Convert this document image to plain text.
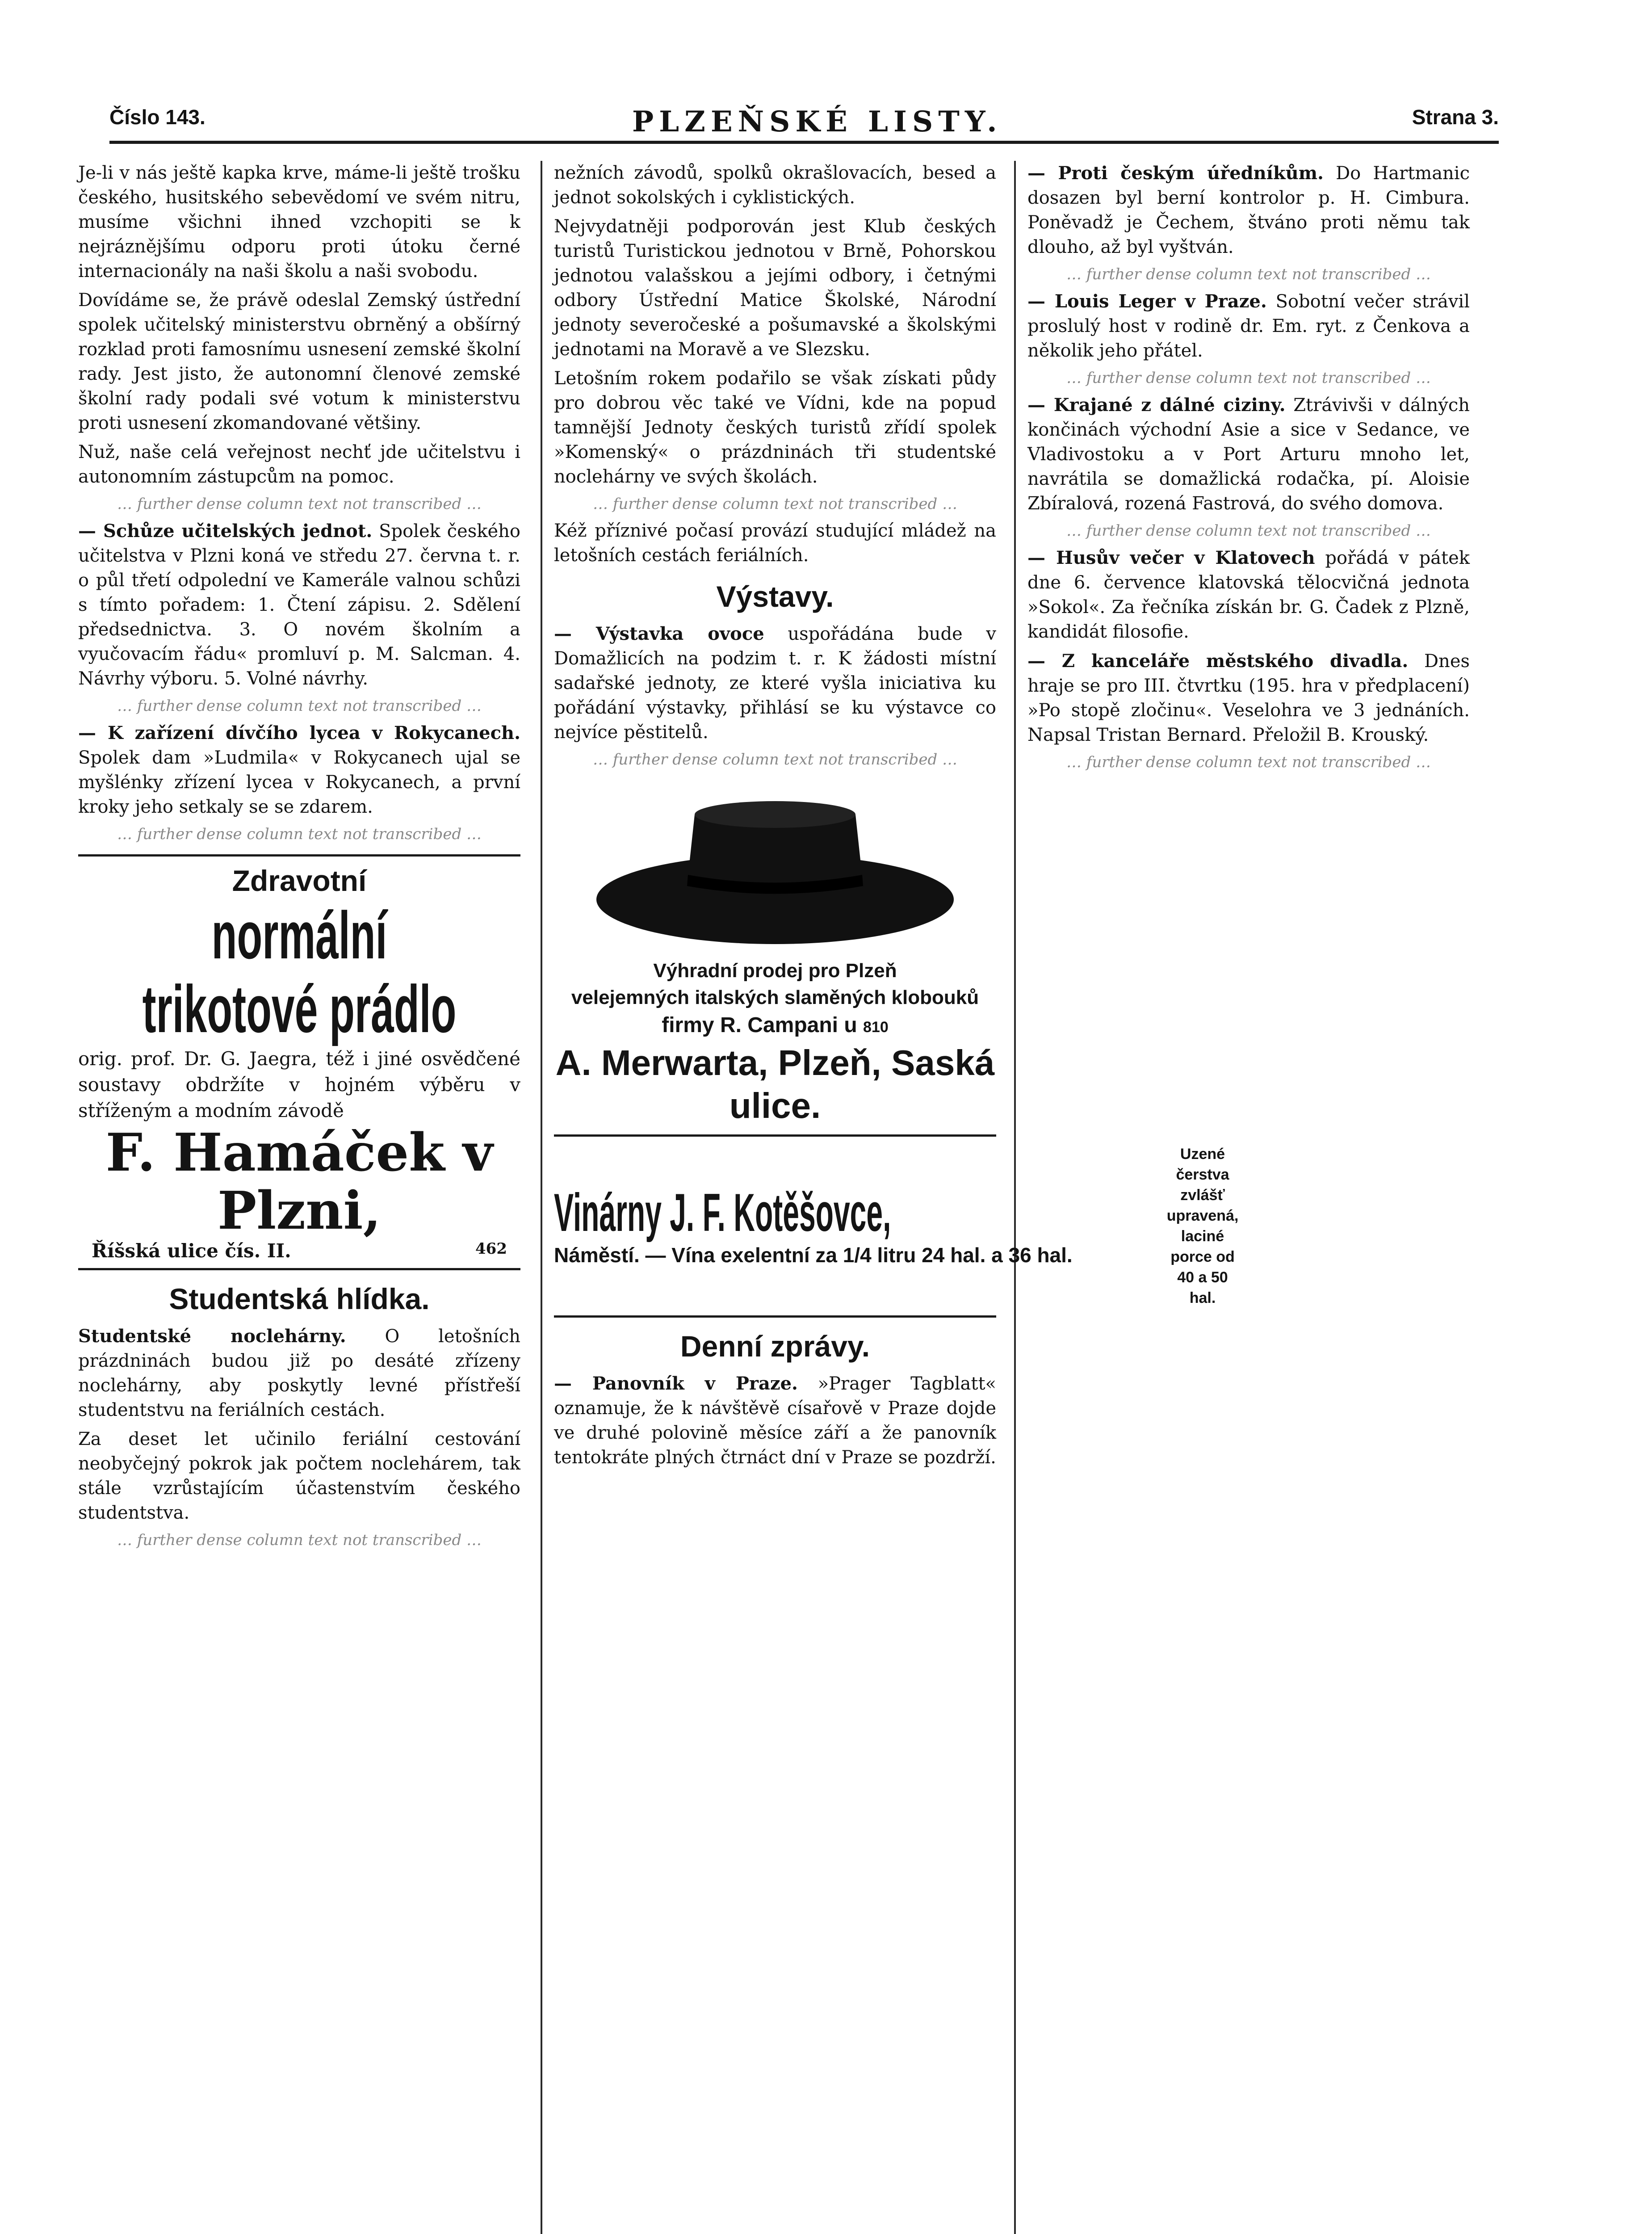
Číslo 143.	PLZEŇSKÉ LISTY.	Strana 3.

Je-li v nás ještě kapka krve, máme-li ještě trošku českého, husitského sebevědomí ve svém nitru, musíme všichni ihned vzchopiti se k nejráznějšímu odporu proti útoku černé internacionály na naši školu a naši svobodu.

Dovídáme se, že právě odeslal Zemský ústřední spolek učitelský ministerstvu obrněný a obšírný rozklad proti famosnímu usnesení zemské školní rady. Jest jisto, že autonomní členové zemské školní rady podali své votum k ministerstvu proti usnesení zkomandované většiny.

Nuž, naše celá veřejnost nechť jde učitelstvu i autonomním zástupcům na pomoc.

… further dense column text not transcribed …

— Schůze učitelských jednot. Spolek českého učitelstva v Plzni koná ve středu 27. června t. r. o půl třetí odpolední ve Kamerále valnou schůzi s tímto pořadem: 1. Čtení zápisu. 2. Sdělení předsednictva. 3. O novém školním a vyučovacím řádu« promluví p. M. Salcman. 4. Návrhy výboru. 5. Volné návrhy.

… further dense column text not transcribed …

— K zařízení dívčího lycea v Rokycanech. Spolek dam »Ludmila« v Rokycanech ujal se myšlénky zřízení lycea v Rokycanech, a první kroky jeho setkaly se se zdarem.

… further dense column text not transcribed …

Zdravotní
normální trikotové prádlo
orig. prof. Dr. G. Jaegra, též i jiné osvědčené soustavy obdržíte v hojném výběru v stříženým a modním závodě
F. Hamáček v Plzni,
Říšská ulice čís. II.	462
Studentská hlídka.

Studentské noclehárny. O letošních prázdninách budou již po desáté zřízeny noclehárny, aby poskytly levné přístřeší studentstvu na feriálních cestách.

Za deset let učinilo feriální cestování neobyčejný pokrok jak počtem noclehárem, tak stále vzrůstajícím účastenstvím českého studentstva.

… further dense column text not transcribed …

nežních závodů, spolků okrašlovacích, besed a jednot sokolských i cyklistických.

Nejvydatněji podporován jest Klub českých turistů Turistickou jednotou v Brně, Pohorskou jednotou valašskou a jejími odbory, i četnými odbory Ústřední Matice Školské, Národní jednoty severočeské a pošumavské a školskými jednotami na Moravě a ve Slezsku.

Letošním rokem podařilo se však získati půdy pro dobrou věc také ve Vídni, kde na popud tamnější Jednoty českých turistů zřídí spolek »Komenský« o prázdninách tři studentské noclehárny ve svých školách.

… further dense column text not transcribed …

Kéž příznivé počasí provází studující mládež na letošních cestách feriálních.

Výstavy.

— Výstavka ovoce uspořádána bude v Domažlicích na podzim t. r. K žádosti místní sadařské jednoty, ze které vyšla iniciativa ku pořádání výstavky, přihlásí se ku výstavce co nejvíce pěstitelů.

… further dense column text not transcribed …

Výhradní prodej pro Plzeň
velejemných italských slaměných klobouků
firmy R. Campani u 810
A. Merwarta, Plzeň, Saská ulice.
Vinárny J. F. Kotěšovce,
Náměstí. — Vína exelentní za 1/4 litru 24 hal. a 36 hal.
Uzené čerstva zvlášť upravená, laciné porce od 40 a 50 hal.
Denní zprávy.

— Panovník v Praze. »Prager Tagblatt« oznamuje, že k návštěvě císařově v Praze dojde ve druhé polovině měsíce září a že panovník tentokráte plných čtrnáct dní v Praze se pozdrží.

— Proti českým úředníkům. Do Hartmanic dosazen byl berní kontrolor p. H. Cimbura. Poněvadž je Čechem, štváno proti němu tak dlouho, až byl vyštván.

… further dense column text not transcribed …

— Louis Leger v Praze. Sobotní večer strávil proslulý host v rodině dr. Em. ryt. z Čenkova a několik jeho přátel.

… further dense column text not transcribed …

— Krajané z dálné ciziny. Ztrávivši v dálných končinách východní Asie a sice v Sedance, ve Vladivostoku a v Port Arturu mnoho let, navrátila se domažlická rodačka, pí. Aloisie Zbíralová, rozená Fastrová, do svého domova.

… further dense column text not transcribed …

— Husův večer v Klatovech pořádá v pátek dne 6. července klatovská tělocvičná jednota »Sokol«. Za řečníka získán br. G. Čadek z Plzně, kandidát filosofie.

— Z kanceláře městského divadla. Dnes hraje se pro III. čtvrtku (195. hra v předplacení) »Po stopě zločinu«. Veselohra ve 3 jednáních. Napsal Tristan Bernard. Přeložil B. Krouský.

… further dense column text not transcribed …
